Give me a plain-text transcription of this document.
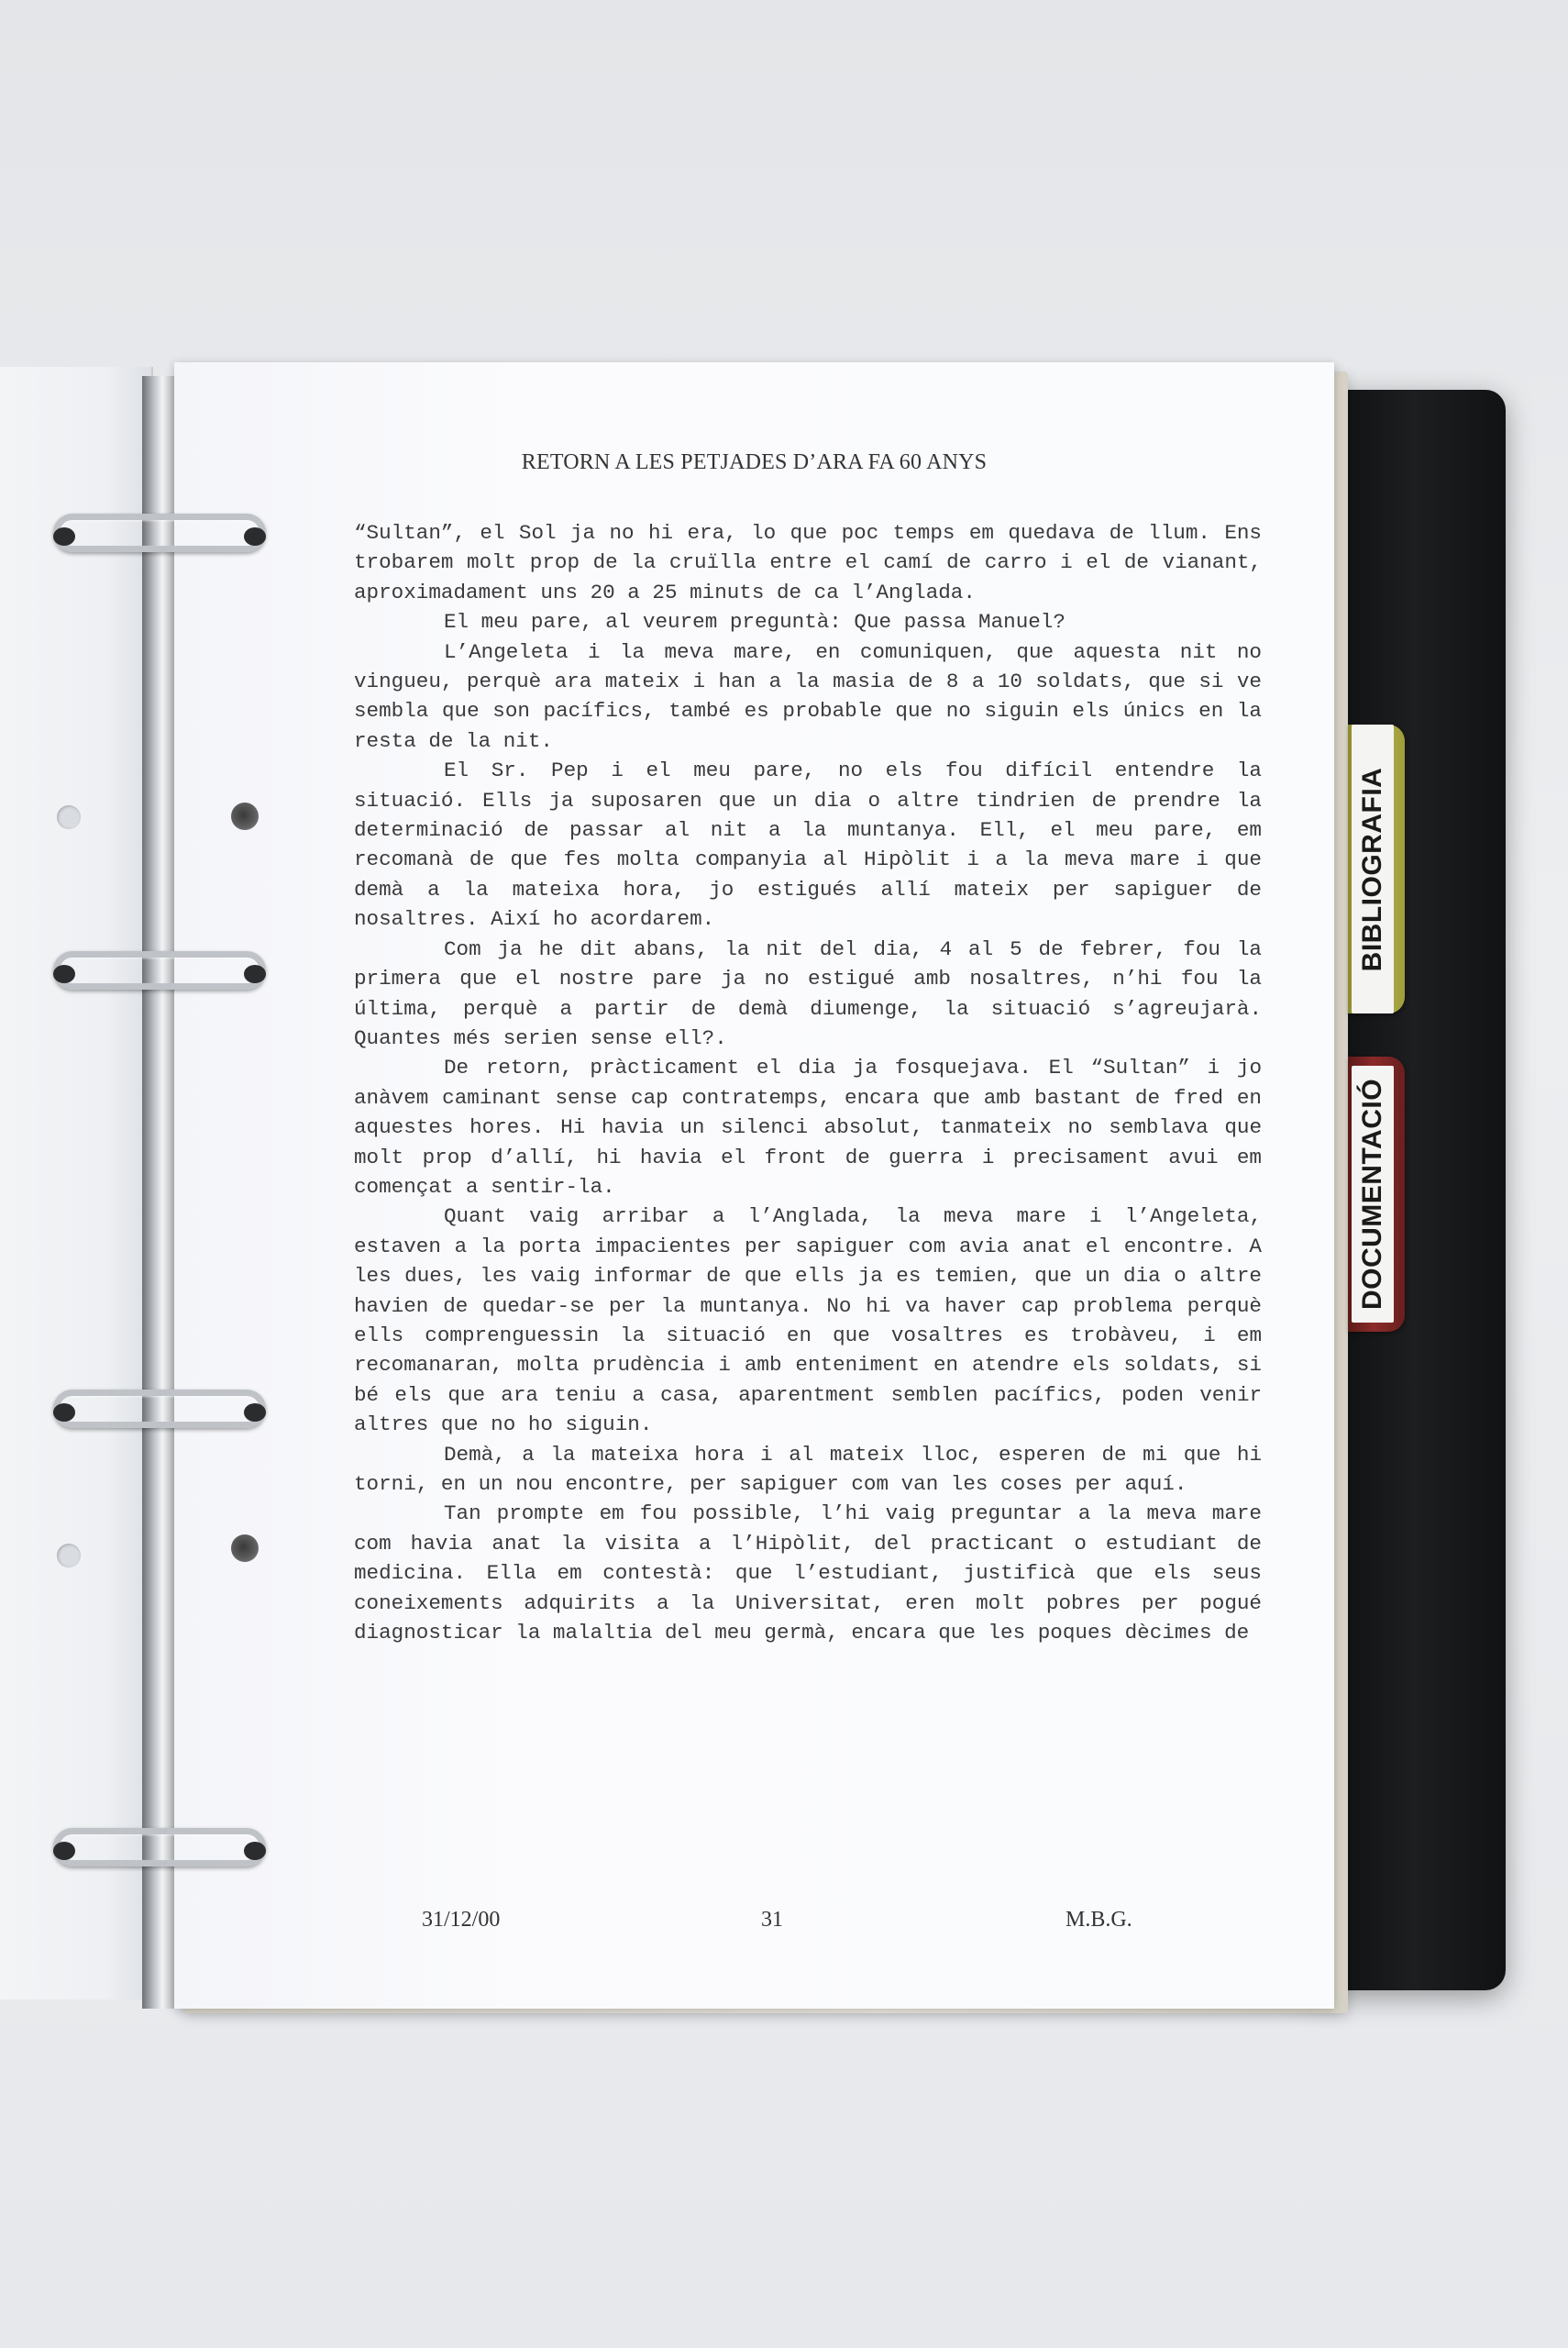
BIBLIOGRAFIA
DOCUMENTACIÓ
RETORN A LES PETJADES D’ARA FA 60 ANYS

“Sultan”, el Sol ja no hi era, lo que poc temps em quedava de llum. Ens trobarem molt prop de la cruïlla entre el camí de carro i el de vianant, aproximadament uns 20 a 25 minuts de ca l’Anglada.

El meu pare, al veurem preguntà: Que passa Manuel?

L’Angeleta i la meva mare, en comuniquen, que aquesta nit no vingueu, perquè ara mateix i han a la masia de 8 a 10 soldats, que si ve sembla que son pacífics, també es probable que no siguin els únics en la resta de la nit.

El Sr. Pep i el meu pare, no els fou difícil entendre la situació. Ells ja suposaren que un dia o altre tindrien de prendre la determinació de passar al nit a la muntanya. Ell, el meu pare, em recomanà de que fes molta companyia al Hipòlit i a la meva mare i que demà a la mateixa hora, jo estigués allí mateix per sapiguer de nosaltres. Així ho acordarem.

Com ja he dit abans, la nit del dia, 4 al 5 de febrer, fou la primera que el nostre pare ja no estigué amb nosaltres, n’hi fou la última, perquè a partir de demà diumenge, la situació s’agreujarà. Quantes més serien sense ell?.

De retorn, pràcticament el dia ja fosquejava. El “Sultan” i jo anàvem caminant sense cap contratemps, encara que amb bastant de fred en aquestes hores. Hi havia un silenci absolut, tanmateix no semblava que molt prop d’allí, hi havia el front de guerra i precisament avui em començat a sentir-la.

Quant vaig arribar a l’Anglada, la meva mare i l’Angeleta, estaven a la porta impacientes per sapiguer com avia anat el encontre. A les dues, les vaig informar de que ells ja es temien, que un dia o altre havien de quedar-se per la muntanya. No hi va haver cap problema perquè ells comprenguessin la situació en que vosaltres es trobàveu, i em recomanaran, molta prudència i amb enteniment en atendre els soldats, si bé els que ara teniu a casa, aparentment semblen pacífics, poden venir altres que no ho siguin.

Demà, a la mateixa hora i al mateix lloc, esperen de mi que hi torni, en un nou encontre, per sapiguer com van les coses per aquí.

Tan prompte em fou possible, l’hi vaig preguntar a la meva mare com havia anat la visita a l’Hipòlit, del practicant o estudiant de medicina. Ella em contestà: que l’estudiant, justificà que els seus coneixements adquirits a la Universitat, eren molt pobres per pogué diagnosticar la malaltia del meu germà, encara que les poques dècimes de

31/12/00	31	M.B.G.
